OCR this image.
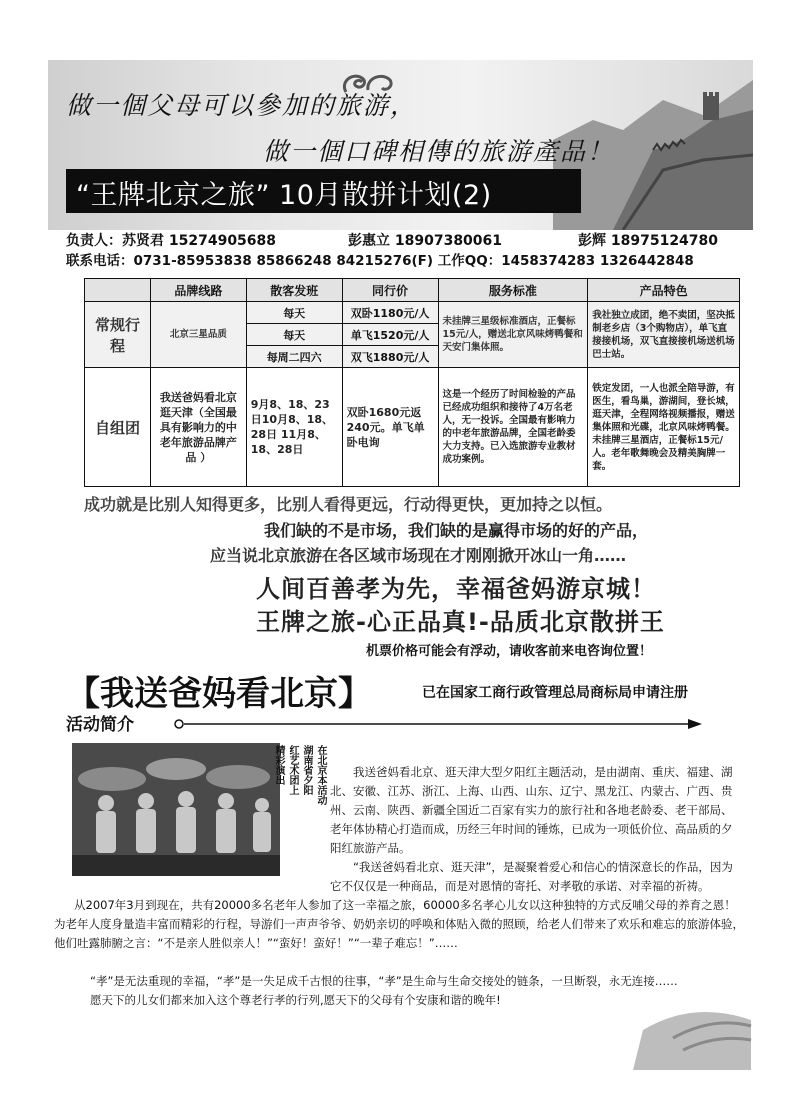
做一個父母可以參加的旅游，
做一個口碑相傳的旅游產品！
“王牌北京之旅” 10月散拼计划(2)
负责人：苏贤君 15274905688	彭惠立 18907380061	彭辉 18975124780
联系电话：0731-85953838 85866248 84215276(F) 工作QQ：1458374283 1326442848
	品牌线路	散客发班	同行价	服务标准	产品特色
常规行程	北京三星品质	每天	双卧1180元/人	未挂牌三星级标准酒店，正餐标15元/人，赠送北京风味烤鸭餐和天安门集体照。	我社独立成团，绝不卖团，坚决抵制老乡店（3个购物店），单飞直接接机场，双飞直接接机场送机场巴士站。
		每天	单飞1520元/人		
		每周二四六	双飞1880元/人		
自组团	我送爸妈看北京逛天津（全国最具有影响力的中老年旅游品牌产品 ）	9月8、18、23日10月8、18、28日 11月8、18、28日	双卧1680元返240元。单飞单卧电询	这是一个经历了时间检验的产品已经成功组织和接待了4万名老人，无一投诉。全国最有影响力的中老年旅游品牌，全国老龄委大力支持。已入选旅游专业教材成功案例。	铁定发团，一人也派全陪导游，有医生，看鸟巢，游湖间，登长城，逛天津，全程网络视频播报，赠送集体照和光碟，北京风味烤鸭餐。未挂牌三星酒店，正餐标15元/人。老年歌舞晚会及精美胸牌一套。
成功就是比别人知得更多，比别人看得更远，行动得更快，更加持之以恒。
我们缺的不是市场，我们缺的是赢得市场的好的产品，
应当说北京旅游在各区域市场现在才刚刚掀开冰山一角……
人间百善孝为先，幸福爸妈游京城！
王牌之旅-心正品真!-品质北京散拼王
机票价格可能会有浮动，请收客前来电咨询位置！
【我送爸妈看北京】	已在国家工商行政管理总局商标局申请注册
活动简介
在北京本活动
湖南省夕阳
红艺术团上
精彩演出	我送爸妈看北京、逛天津大型夕阳红主题活动，是由湖南、重庆、福建、湖北、安徽、江苏、浙江、上海、山西、山东、辽宁、黑龙江、内蒙古、广西、贵州、云南、陕西、新疆全国近二百家有实力的旅行社和各地老龄委、老干部局、老年体协精心打造而成，历经三年时间的锤炼，已成为一项低价位、高品质的夕阳红旅游产品。
“我送爸妈看北京、逛天津”，是凝聚着爱心和信心的情深意长的作品，因为它不仅仅是一种商品，而是对恩情的寄托、对孝敬的承诺、对幸福的祈祷。
从2007年3月到现在，共有20000多名老年人参加了这一幸福之旅，60000多名孝心儿女以这种独特的方式反哺父母的养育之恩！为老年人度身量造丰富而精彩的行程，导游们一声声爷爷、奶奶亲切的呼唤和体贴入微的照顾，给老人们带来了欢乐和难忘的旅游体验，他们吐露肺腑之言：“不是亲人胜似亲人！”“蛮好！蛮好！”“一辈子难忘！”……
“孝”是无法重现的幸福，“孝”是一失足成千古恨的往事，“孝”是生命与生命交接处的链条，一旦断裂，永无连接……
愿天下的儿女们都来加入这个尊老行孝的行列,愿天下的父母有个安康和谐的晚年!
